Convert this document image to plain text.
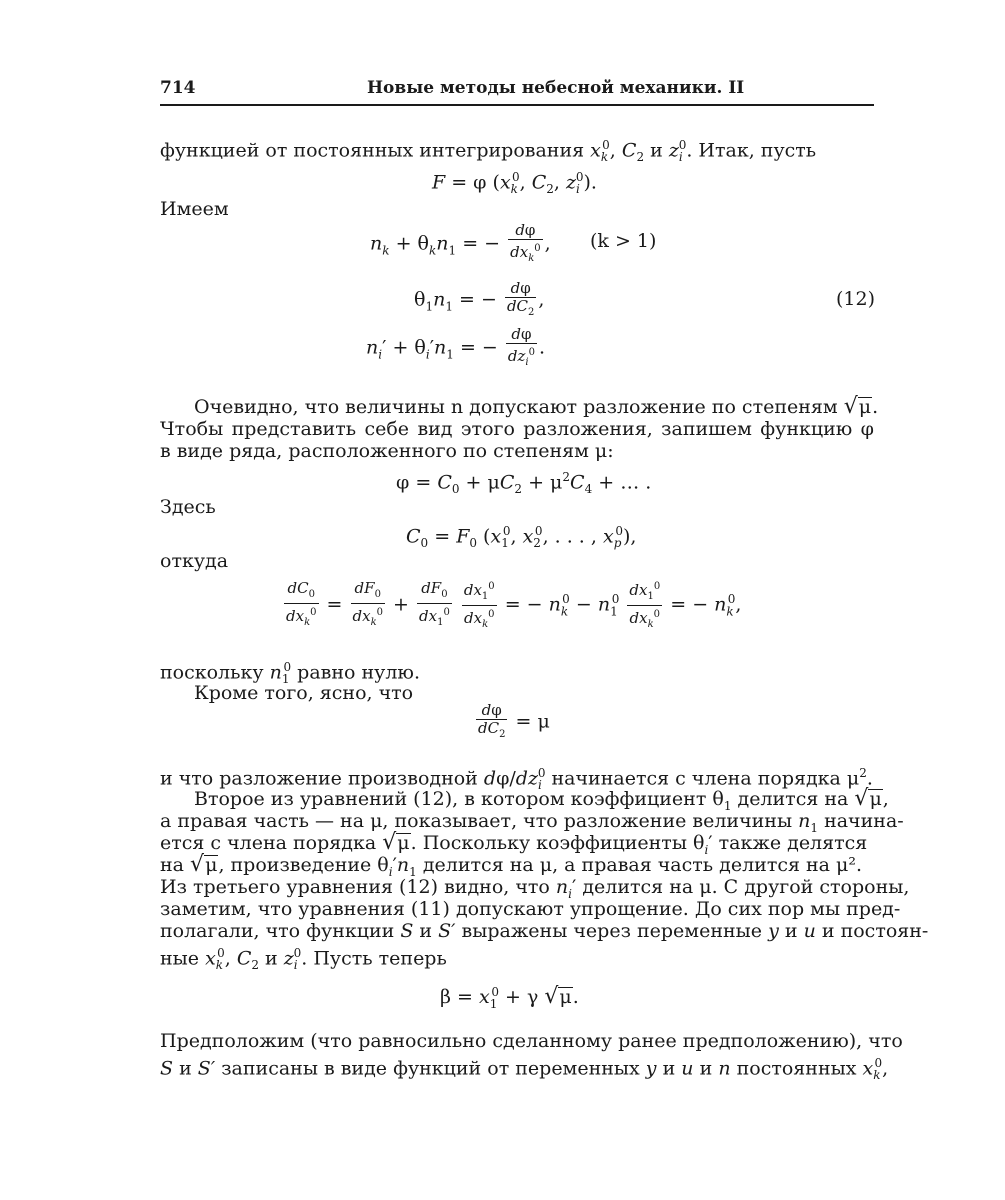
714	Новые методы небесной механики. II
функцией от постоянных интегрирования $x_k^0$, $C_2$ и $z_i^0$. Итак, пусть
F = φ ($x_k^0$, $C_2$, $z_i^0$).
Имеем
$n_k + \theta_kn_1$ = − $\frac{d\varphi}{dx_k^0}$ , (k > 1)
$\theta_1n_1$ = − $\frac{d\varphi}{dC_2}$ ,	(12)
$n_i' + \theta_i'n_1$ = − $\frac{d\varphi}{dz_i^0}$ .
Очевидно, что величины n допускают разложение по степеням √μ.
Чтобы представить себе вид этого разложения, запишем функцию φ
в виде ряда, расположенного по степеням μ:
$\varphi = C_0 + \mu C_2 + \mu^2C_4$ + … .
Здесь
$C_0 = F_0$ ($x_1^0$, $x_2^0$, . . . , $x_p^0$),
откуда
$\frac{dC_0}{dx_k^0} = \frac{dF_0}{dx_k^0} + \frac{dF_0}{dx_1^0}$
$\frac{dx_1^0}{dx_k^0}$ = − $n_k^0 - n_1^0 \frac{dx_1^0}{dx_k^0}$ = − $n_k^0$,
поскольку $n_1^0$ равно нулю.
Кроме того, ясно, что
$\frac{d\varphi}{dC_2} = \mu$
и что разложение производной $d\varphi/dz_i^0$ начинается с члена порядка $\mu^2$.
Второе из уравнений (12), в котором коэффициент $\theta_1$ делится на √μ,
а правая часть — на μ, показывает, что разложение величины $n_1$ начина-
ется с члена порядка √μ. Поскольку коэффициенты $\theta_i'$ также делятся
на √μ, произведение $\theta_i'n_1$ делится на μ, а правая часть делится на μ².
Из третьего уравнения (12) видно, что $n_i'$ делится на μ. С другой стороны,
заметим, что уравнения (11) допускают упрощение. До сих пор мы пред-
полагали, что функции S и S′ выражены через переменные y и u и постоян-
ные $x_k^0$, $C_2$ и $z_i^0$. Пусть теперь
$\beta = x_1^0 + \gamma$ √μ.
Предположим (что равносильно сделанному ранее предположению), что
S и S′ записаны в виде функций от переменных y и u и n постоянных $x_k^0$,
